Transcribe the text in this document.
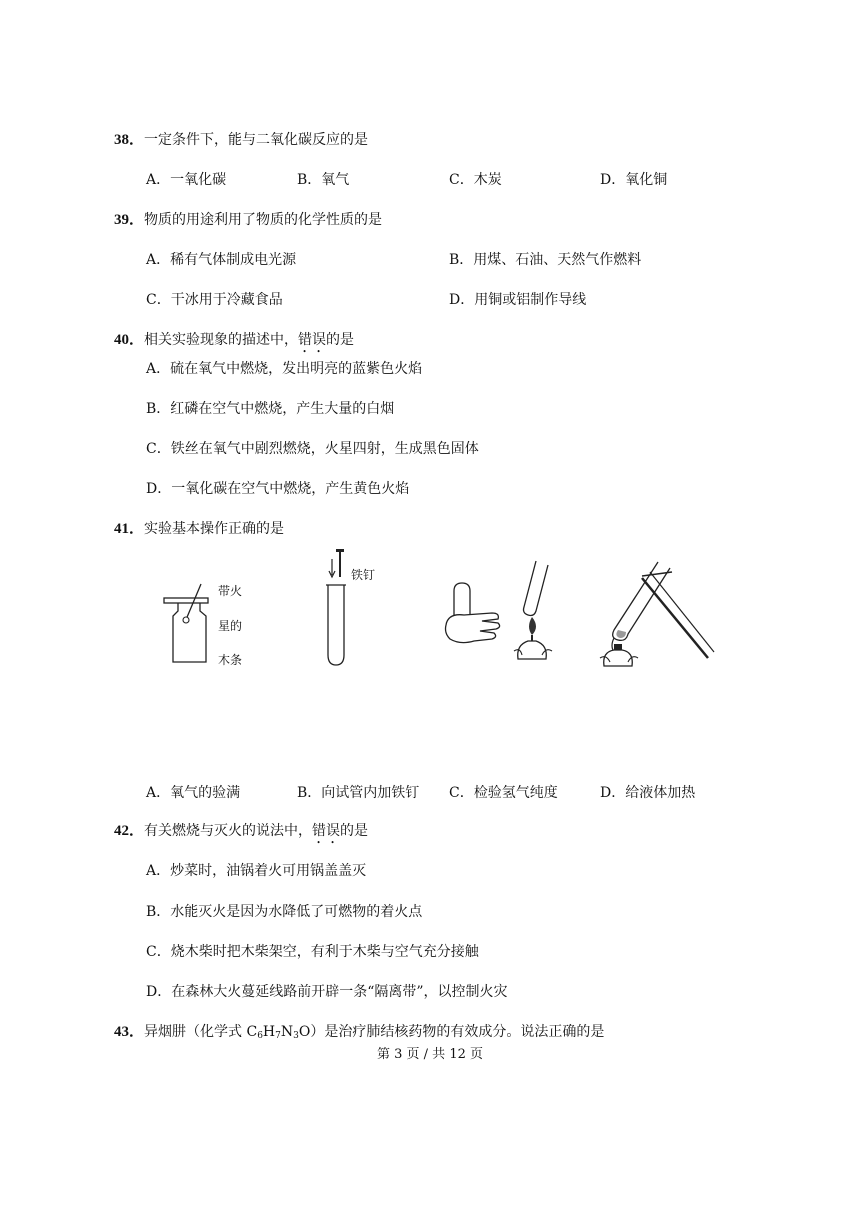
38．一定条件下，能与二氧化碳反应的是
A．一氧化碳	B．氧气	C．木炭	D．氧化铜
39．物质的用途利用了物质的化学性质的是
A．稀有气体制成电光源	B．用煤、石油、天然气作燃料
C．干冰用于冷藏食品	D．用铜或铝制作导线
40．相关实验现象的描述中，错误的是
A．硫在氧气中燃烧，发出明亮的蓝紫色火焰
B．红磷在空气中燃烧，产生大量的白烟
C．铁丝在氧气中剧烈燃烧，火星四射，生成黑色固体
D．一氧化碳在空气中燃烧，产生黄色火焰
41．实验基本操作正确的是
带火
星的
木条
铁钉
A．氧气的验满	B．向试管内加铁钉 C．检验氢气纯度	D．给液体加热
42．有关燃烧与灭火的说法中，错误的是
A．炒菜时，油锅着火可用锅盖盖灭
B．水能灭火是因为水降低了可燃物的着火点
C．烧木柴时把木柴架空，有利于木柴与空气充分接触
D．在森林大火蔓延线路前开辟一条“隔离带”，以控制火灾
43．异烟肼（化学式 $C_6H_7N_3O$）是治疗肺结核药物的有效成分。说法正确的是
第 3 页 / 共 12 页
